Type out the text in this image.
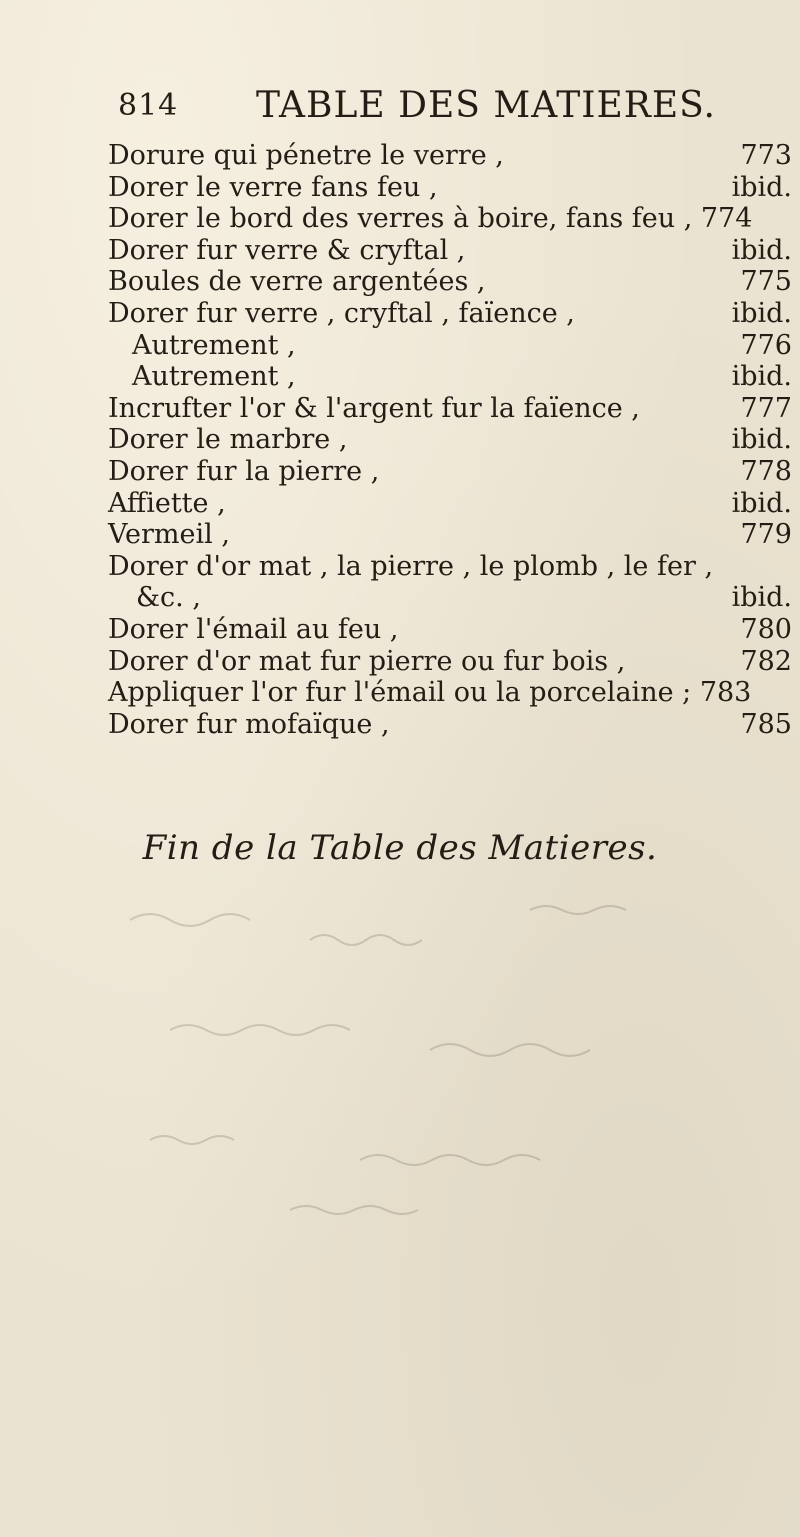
814 TABLE DES MATIERES.
Dorure qui pénetre le verre ,	773
Dorer le verre fans feu ,	ibid.
Dorer le bord des verres à boire, fans feu , 774
Dorer fur verre & cryftal ,	ibid.
Boules de verre argentées ,	775
Dorer fur verre , cryftal , faïence ,	ibid.
Autrement ,	776
Autrement ,	ibid.
Incrufter l'or & l'argent fur la faïence ,	777
Dorer le marbre ,	ibid.
Dorer fur la pierre ,	778
Affiette ,	ibid.
Vermeil ,	779
Dorer d'or mat , la pierre , le plomb , le fer ,
&c. ,	ibid.
Dorer l'émail au feu ,	780
Dorer d'or mat fur pierre ou fur bois ,	782
Appliquer l'or fur l'émail ou la porcelaine ; 783
Dorer fur mofaïque ,	785
Fin de la Table des Matieres.
